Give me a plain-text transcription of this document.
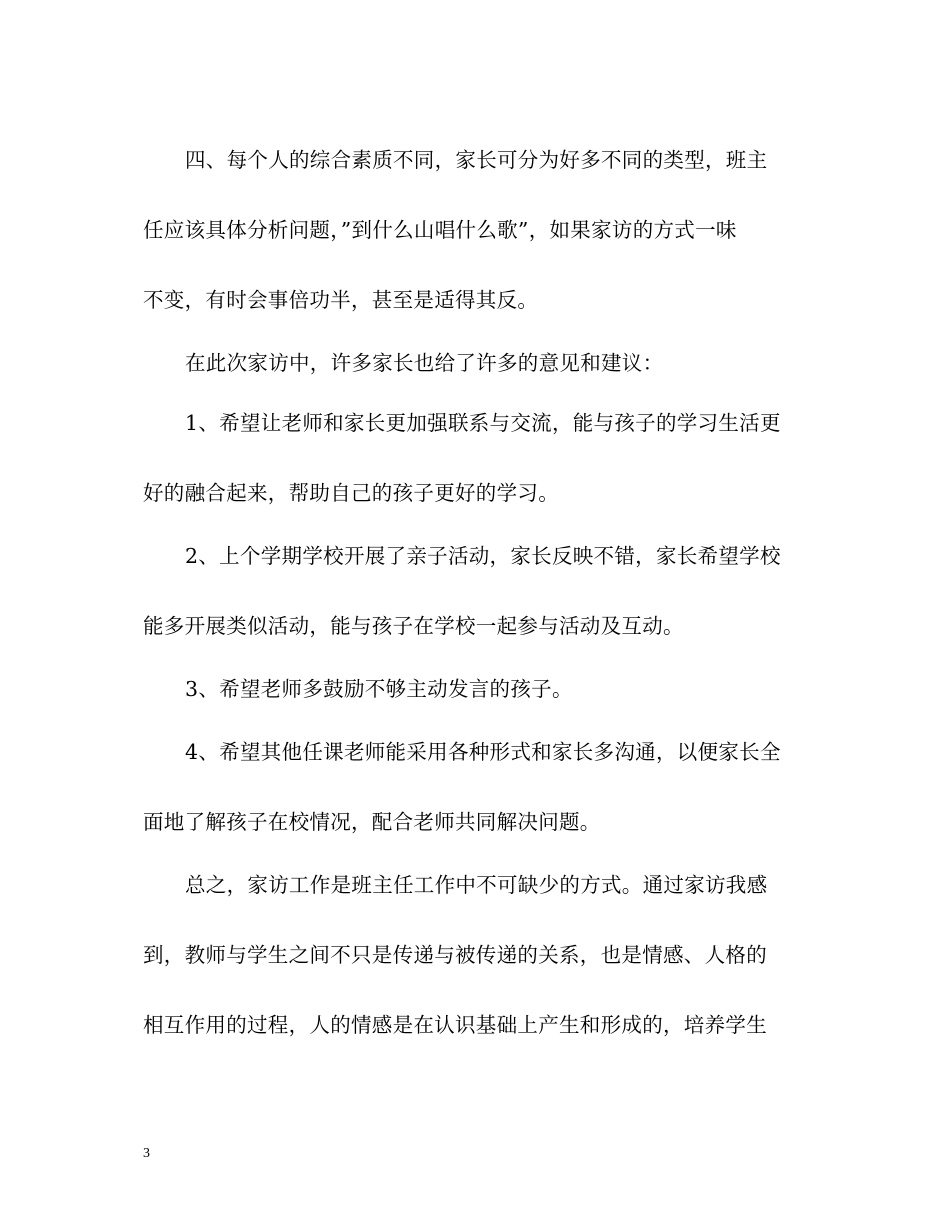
四、每个人的综合素质不同，家长可分为好多不同的类型，班主
任应该具体分析问题，”到什么山唱什么歌”，如果家访的方式一味
不变，有时会事倍功半，甚至是适得其反。
在此次家访中，许多家长也给了许多的意见和建议：
1、希望让老师和家长更加强联系与交流，能与孩子的学习生活更
好的融合起来，帮助自己的孩子更好的学习。
2、上个学期学校开展了亲子活动，家长反映不错，家长希望学校
能多开展类似活动，能与孩子在学校一起参与活动及互动。
3、希望老师多鼓励不够主动发言的孩子。
4、希望其他任课老师能采用各种形式和家长多沟通，以便家长全
面地了解孩子在校情况，配合老师共同解决问题。
总之，家访工作是班主任工作中不可缺少的方式。通过家访我感
到，教师与学生之间不只是传递与被传递的关系，也是情感、人格的
相互作用的过程，人的情感是在认识基础上产生和形成的，培养学生
3
